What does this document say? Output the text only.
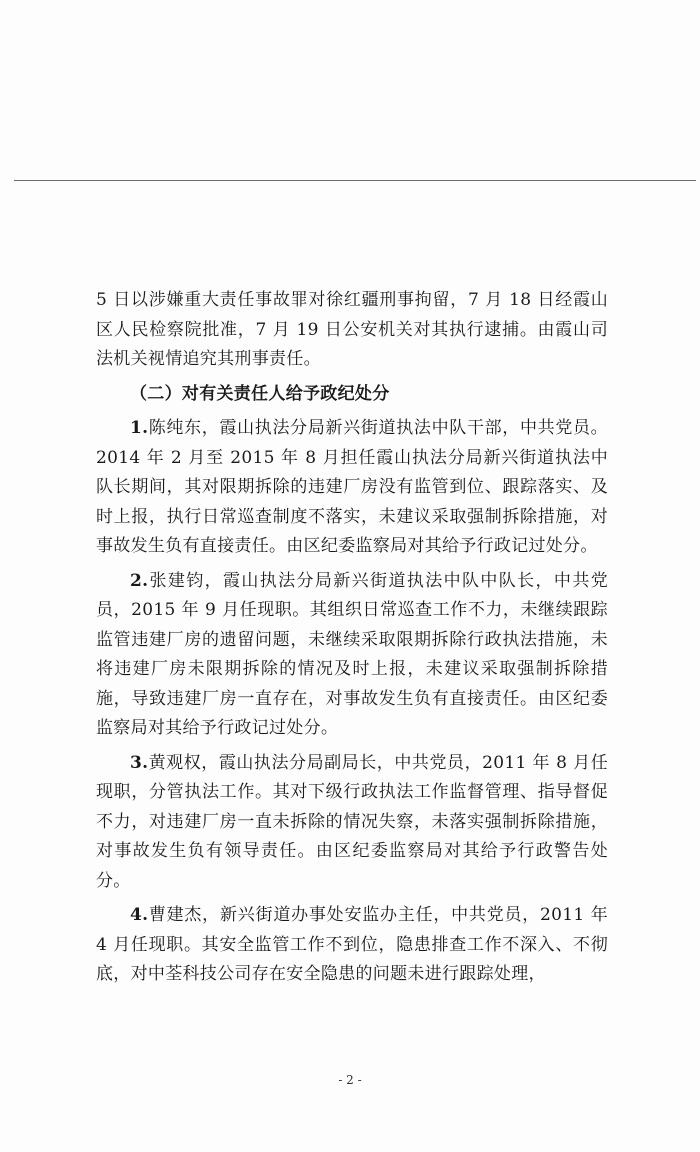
5 日以涉嫌重大责任事故罪对徐红疆刑事拘留，7 月 18 日经霞山区人民检察院批准，7 月 19 日公安机关对其执行逮捕。由霞山司法机关视情追究其刑事责任。

（二）对有关责任人给予政纪处分

1.陈纯东，霞山执法分局新兴街道执法中队干部，中共党员。2014 年 2 月至 2015 年 8 月担任霞山执法分局新兴街道执法中队长期间，其对限期拆除的违建厂房没有监管到位、跟踪落实、及时上报，执行日常巡查制度不落实，未建议采取强制拆除措施，对事故发生负有直接责任。由区纪委监察局对其给予行政记过处分。

2.张建钧，霞山执法分局新兴街道执法中队中队长，中共党员，2015 年 9 月任现职。其组织日常巡查工作不力，未继续跟踪监管违建厂房的遗留问题，未继续采取限期拆除行政执法措施，未将违建厂房未限期拆除的情况及时上报，未建议采取强制拆除措施，导致违建厂房一直存在，对事故发生负有直接责任。由区纪委监察局对其给予行政记过处分。

3.黄观权，霞山执法分局副局长，中共党员，2011 年 8 月任现职，分管执法工作。其对下级行政执法工作监督管理、指导督促不力，对违建厂房一直未拆除的情况失察，未落实强制拆除措施，对事故发生负有领导责任。由区纪委监察局对其给予行政警告处分。

4.曹建杰，新兴街道办事处安监办主任，中共党员，2011 年 4 月任现职。其安全监管工作不到位，隐患排查工作不深入、不彻底，对中荃科技公司存在安全隐患的问题未进行跟踪处理，

- 2 -
